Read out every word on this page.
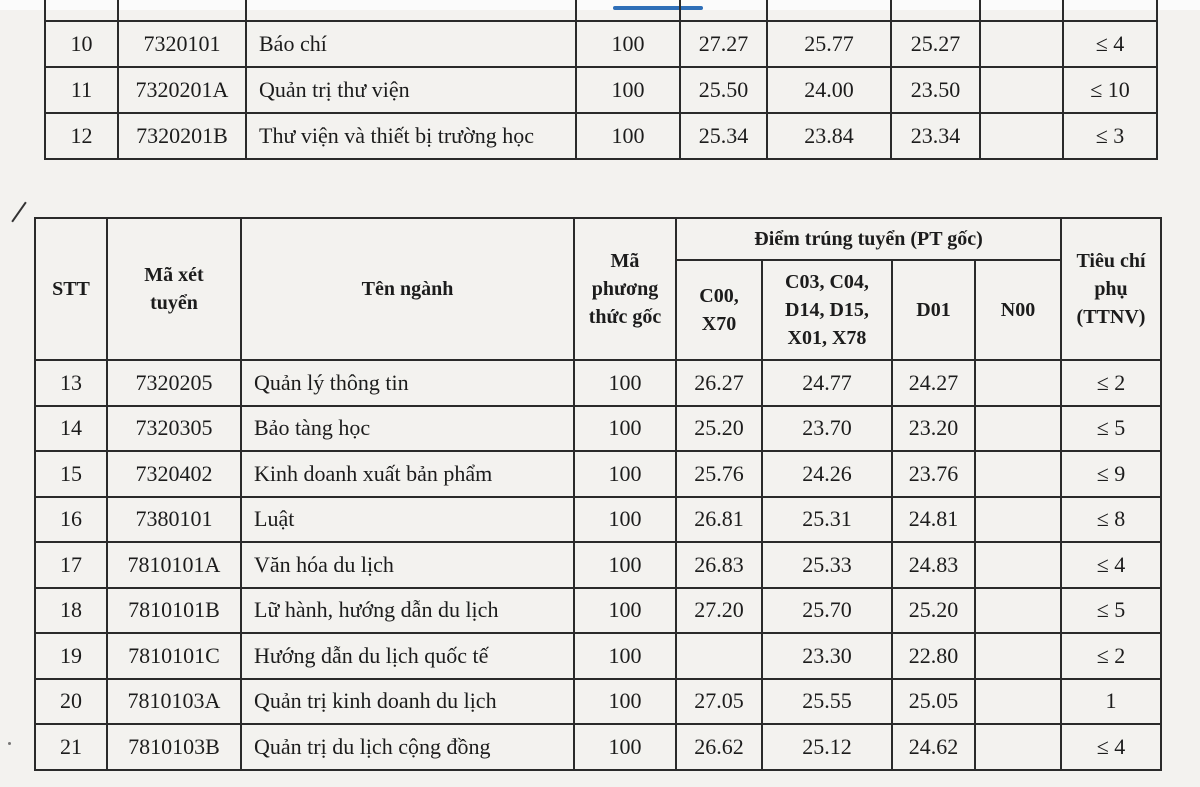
10	7320101	Báo chí	100	27.27	25.77	25.27		≤ 4
11	7320201A	Quản trị thư viện	100	25.50	24.00	23.50		≤ 10
12	7320201B	Thư viện và thiết bị trường học	100	25.34	23.84	23.34		≤ 3
STT	Mã xét tuyển	Tên ngành	Mã phương thức gốc	Điểm trúng tuyển (PT gốc)				Tiêu chí phụ (TTNV)
				C00, X70	C03, C04, D14, D15, X01, X78	D01	N00	
13	7320205	Quản lý thông tin	100	26.27	24.77	24.27		≤ 2
14	7320305	Bảo tàng học	100	25.20	23.70	23.20		≤ 5
15	7320402	Kinh doanh xuất bản phẩm	100	25.76	24.26	23.76		≤ 9
16	7380101	Luật	100	26.81	25.31	24.81		≤ 8
17	7810101A	Văn hóa du lịch	100	26.83	25.33	24.83		≤ 4
18	7810101B	Lữ hành, hướng dẫn du lịch	100	27.20	25.70	25.20		≤ 5
19	7810101C	Hướng dẫn du lịch quốc tế	100		23.30	22.80		≤ 2
20	7810103A	Quản trị kinh doanh du lịch	100	27.05	25.55	25.05		1
21	7810103B	Quản trị du lịch cộng đồng	100	26.62	25.12	24.62		≤ 4
